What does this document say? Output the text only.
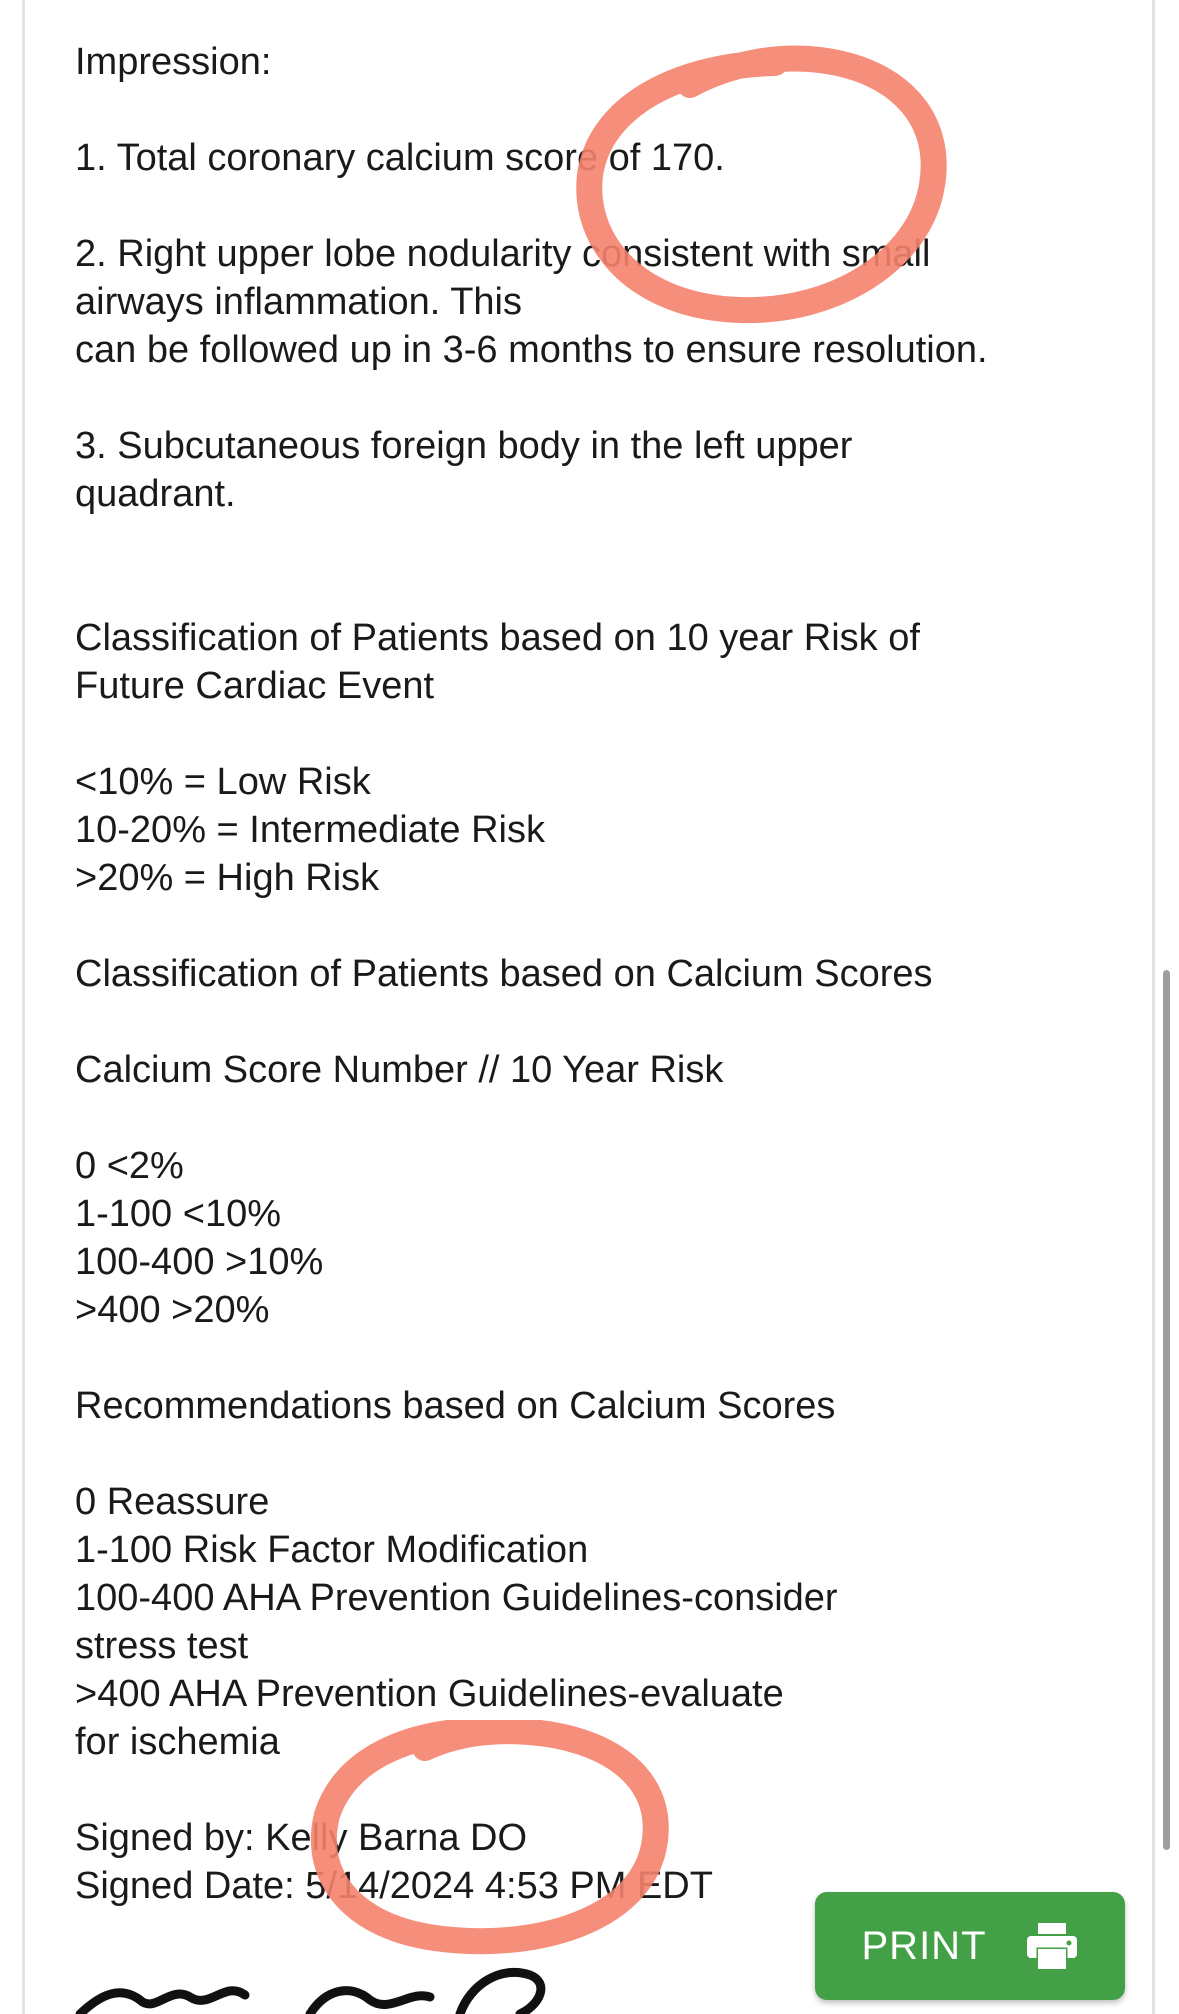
Impression:
1. Total coronary calcium score of 170.
2. Right upper lobe nodularity consistent with small
airways inflammation. This
can be followed up in 3-6 months to ensure resolution.
3. Subcutaneous foreign body in the left upper
quadrant.
Classification of Patients based on 10 year Risk of
Future Cardiac Event
<10% = Low Risk
10-20% = Intermediate Risk
>20% = High Risk
Classification of Patients based on Calcium Scores
Calcium Score Number // 10 Year Risk
0 <2%
1-100 <10%
100-400 >10%
>400 >20%
Recommendations based on Calcium Scores
0 Reassure
1-100 Risk Factor Modification
100-400 AHA Prevention Guidelines-consider
stress test
>400 AHA Prevention Guidelines-evaluate
for ischemia
Signed by: Kelly Barna DO
Signed Date: 5/14/2024 4:53 PM EDT
PRINT
